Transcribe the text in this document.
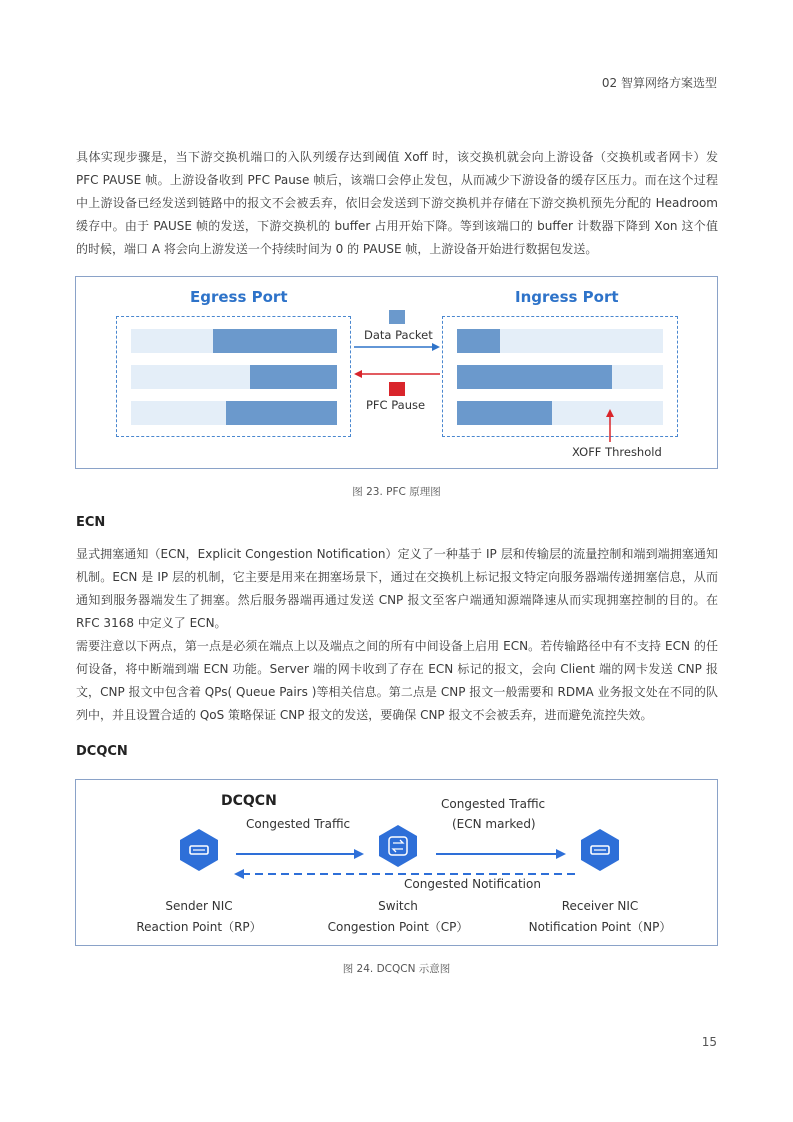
02 智算网络方案选型
具体实现步骤是，当下游交换机端口的入队列缓存达到阈值 Xoff 时，该交换机就会向上游设备（交换机或者网卡）发 PFC PAUSE 帧。上游设备收到 PFC Pause 帧后，该端口会停止发包，从而减少下游设备的缓存区压力。而在这个过程中上游设备已经发送到链路中的报文不会被丢弃，依旧会发送到下游交换机并存储在下游交换机预先分配的 Headroom 缓存中。由于 PAUSE 帧的发送，下游交换机的 buffer 占用开始下降。等到该端口的 buffer 计数器下降到 Xon 这个值的时候，端口 A 将会向上游发送一个持续时间为 0 的 PAUSE 帧，上游设备开始进行数据包发送。
Egress Port	Ingress Port
Data Packet
PFC Pause
XOFF Threshold
图 23. PFC 原理图
ECN
显式拥塞通知（ECN，Explicit Congestion Notification）定义了一种基于 IP 层和传输层的流量控制和端到端拥塞通知机制。ECN 是 IP 层的机制，它主要是用来在拥塞场景下，通过在交换机上标记报文特定向服务器端传递拥塞信息，从而通知到服务器端发生了拥塞。然后服务器端再通过发送 CNP 报文至客户端通知源端降速从而实现拥塞控制的目的。在 RFC 3168 中定义了 ECN。
需要注意以下两点，第一点是必须在端点上以及端点之间的所有中间设备上启用 ECN。若传输路径中有不支持 ECN 的任何设备，将中断端到端 ECN 功能。Server 端的网卡收到了存在 ECN 标记的报文，会向 Client 端的网卡发送 CNP 报文，CNP 报文中包含着 QPs( Queue Pairs )等相关信息。第二点是 CNP 报文一般需要和 RDMA 业务报文处在不同的队列中，并且设置合适的 QoS 策略保证 CNP 报文的发送，要确保 CNP 报文不会被丢弃，进而避免流控失效。
DCQCN
DCQCN
Congested Traffic
Congested Traffic
(ECN marked)
Congested Notification
Sender NIC
Reaction Point（RP）
Switch
Congestion Point（CP）
Receiver NIC
Notification Point（NP）
图 24. DCQCN 示意图
15
